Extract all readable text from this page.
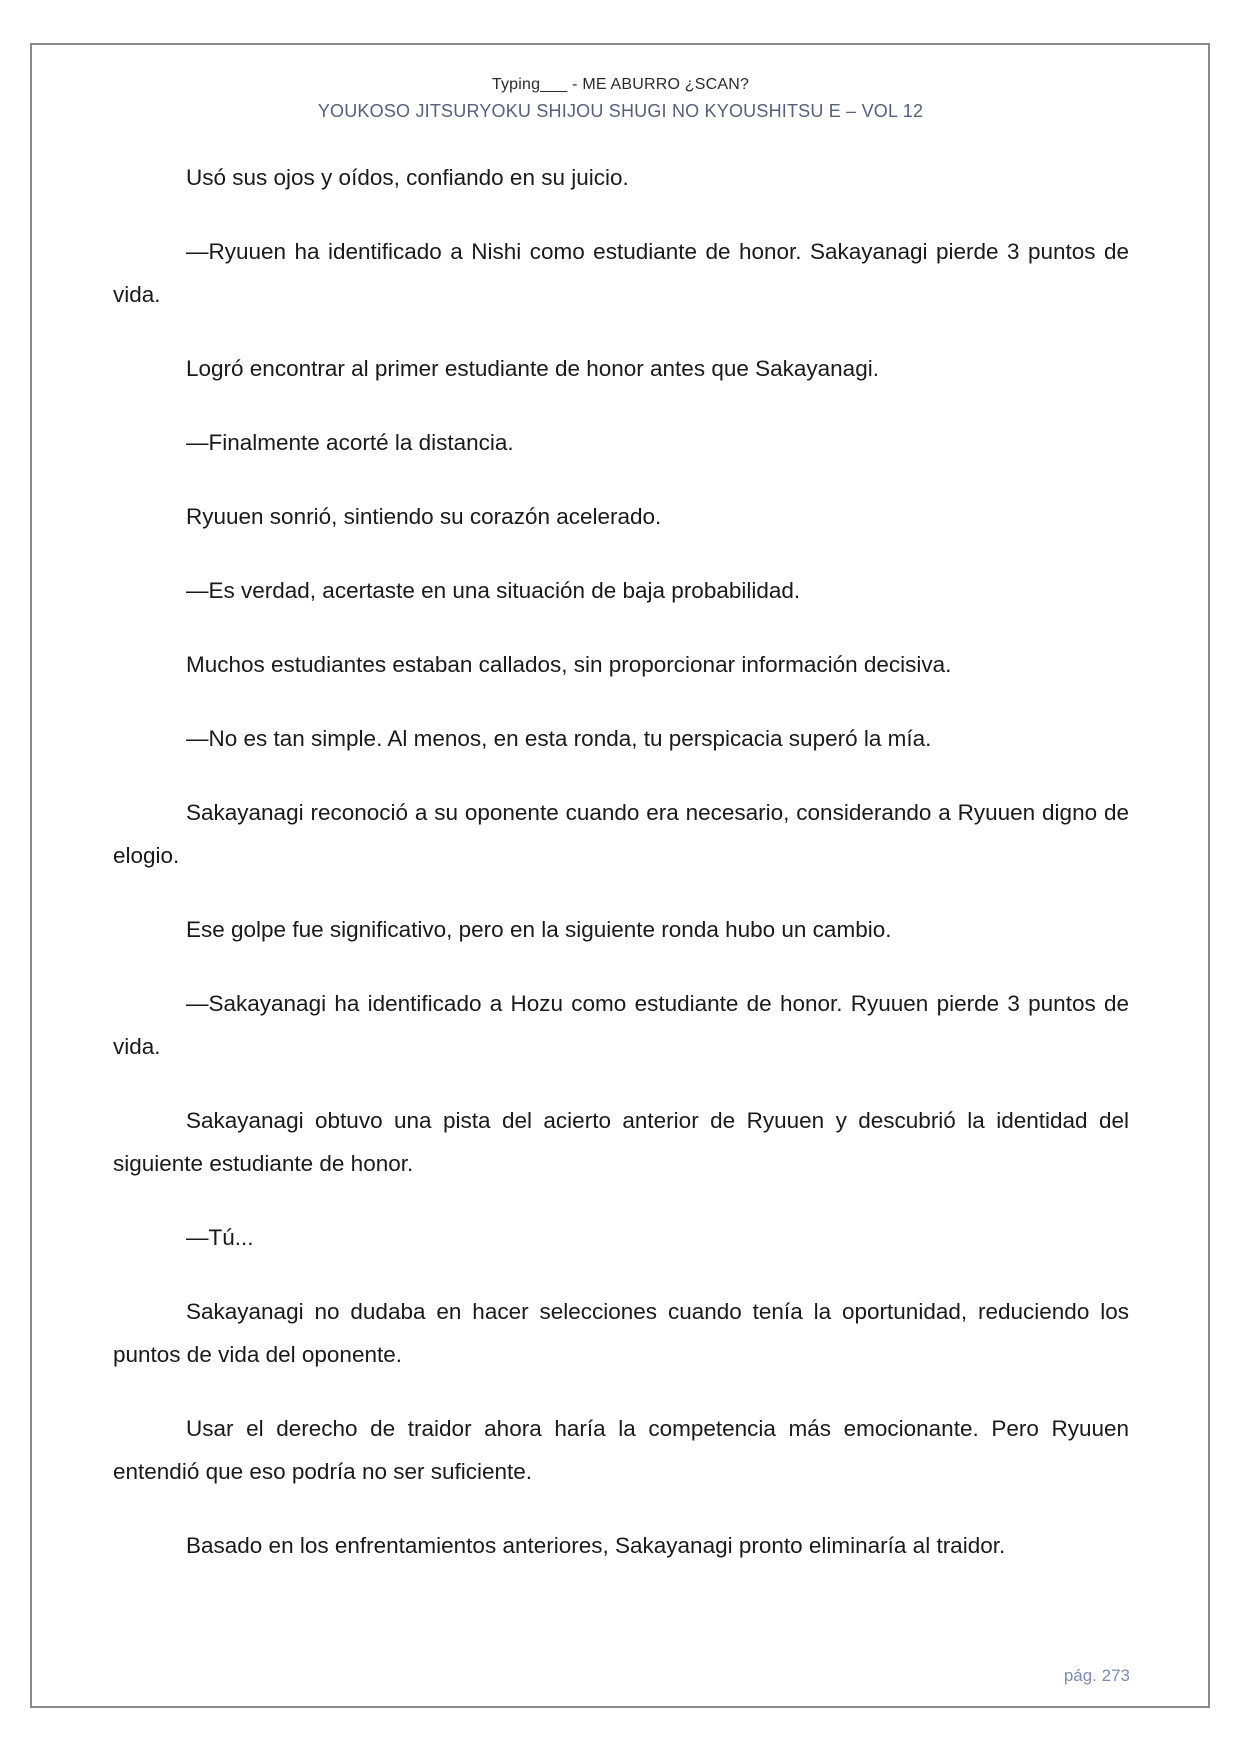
Typing___ - ME ABURRO ¿SCAN?
YOUKOSO JITSURYOKU SHIJOU SHUGI NO KYOUSHITSU E – VOL 12

Usó sus ojos y oídos, confiando en su juicio.

—Ryuuen ha identificado a Nishi como estudiante de honor. Sakayanagi pierde 3 puntos de vida.

Logró encontrar al primer estudiante de honor antes que Sakayanagi.

—Finalmente acorté la distancia.

Ryuuen sonrió, sintiendo su corazón acelerado.

—Es verdad, acertaste en una situación de baja probabilidad.

Muchos estudiantes estaban callados, sin proporcionar información decisiva.

—No es tan simple. Al menos, en esta ronda, tu perspicacia superó la mía.

Sakayanagi reconoció a su oponente cuando era necesario, considerando a Ryuuen digno de elogio.

Ese golpe fue significativo, pero en la siguiente ronda hubo un cambio.

—Sakayanagi ha identificado a Hozu como estudiante de honor. Ryuuen pierde 3 puntos de vida.

Sakayanagi obtuvo una pista del acierto anterior de Ryuuen y descubrió la identidad del siguiente estudiante de honor.

—Tú...

Sakayanagi no dudaba en hacer selecciones cuando tenía la oportunidad, reduciendo los puntos de vida del oponente.

Usar el derecho de traidor ahora haría la competencia más emocionante. Pero Ryuuen entendió que eso podría no ser suficiente.

Basado en los enfrentamientos anteriores, Sakayanagi pronto eliminaría al traidor.

pág. 273
